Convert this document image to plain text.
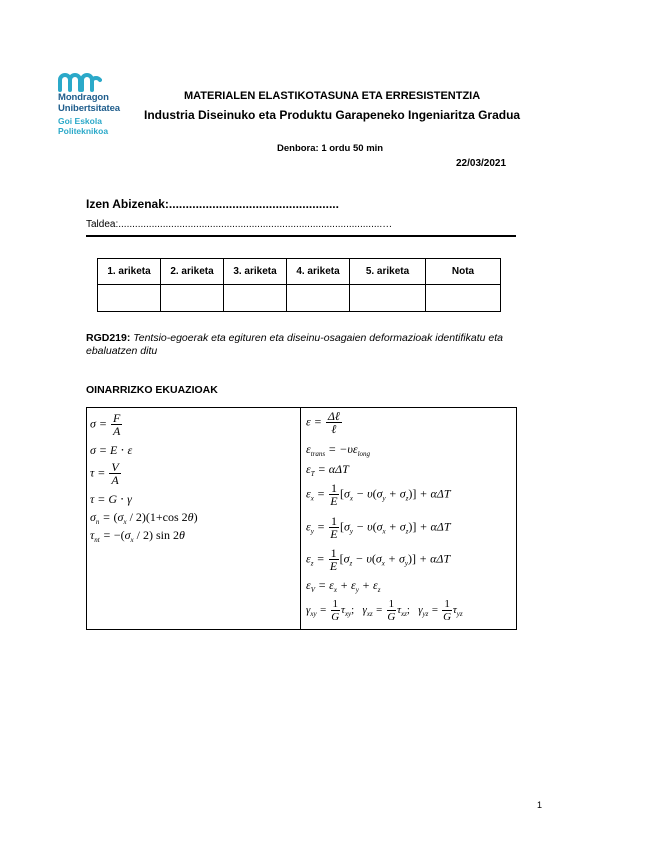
Mondragon
Unibertsitatea
Goi Eskola
Politeknikoa
MATERIALEN ELASTIKOTASUNA ETA ERRESISTENTZIA
Industria Diseinuko eta Produktu Garapeneko Ingeniaritza Gradua
Denbora: 1 ordu 50 min
22/03/2021
Izen Abizenak:...................................................
Taldea:...............................................................................................…
1. ariketa	2. ariketa	3. ariketa	4. ariketa	5. ariketa	Nota

RGD219: Tentsio-egoerak eta egituren eta diseinu-osagaien deformazioak identifikatu eta ebaluatzen ditu
OINARRIZKO EKUAZIOAK
$\sigma = \frac{F}{A}$
σ = E ⋅ ε
$\tau = \frac{V}{A}$
τ = G ⋅ γ
$\sigma_n = (\sigma_x / 2)(1+\cos$ 2θ)
$\tau_{nt} = -(\sigma_x / 2)$ sin 2θ
$\varepsilon = \frac{\text{Δℓ}}{\text{ℓ}}$
$\varepsilon_{trans} = -\upsilon\varepsilon_{long}$
$\varepsilon_T = \alpha\Delta T$
$\varepsilon_x = \frac{1}{E} [\sigma_x - \upsilon(\sigma_y + \sigma_z)] + \alpha\Delta T$
$\varepsilon_y = \frac{1}{E} [\sigma_y - \upsilon(\sigma_x + \sigma_z)] + \alpha\Delta T$
$\varepsilon_z = \frac{1}{E} [\sigma_z - \upsilon(\sigma_x + \sigma_y)] + \alpha\Delta T$
$\varepsilon_V = \varepsilon_x + \varepsilon_y + \varepsilon_z$
$\gamma_{xy} = \frac{1}{G} \tau_{xy}$;   $\gamma_{xz} = \frac{1}{G} \tau_{xz}$;   $\gamma_{yz} = \frac{1}{G} \tau_{yz}$
1
